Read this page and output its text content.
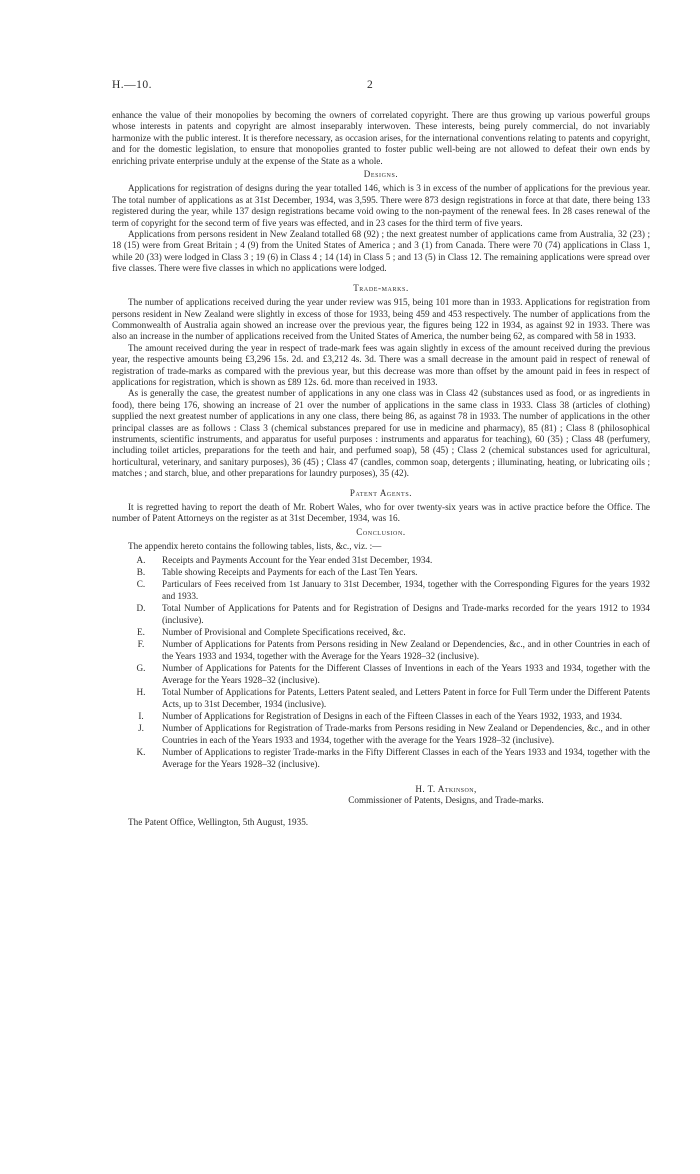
H.—10.	2

enhance the value of their monopolies by becoming the owners of correlated copyright. There are thus growing up various powerful groups whose interests in patents and copyright are almost inseparably interwoven. These interests, being purely commercial, do not invariably harmonize with the public interest. It is therefore necessary, as occasion arises, for the international conventions relating to patents and copyright, and for the domestic legislation, to ensure that monopolies granted to foster public well-being are not allowed to defeat their own ends by enriching private enterprise unduly at the expense of the State as a whole.

Designs.

Applications for registration of designs during the year totalled 146, which is 3 in excess of the number of applications for the previous year. The total number of applications as at 31st December, 1934, was 3,595. There were 873 design registrations in force at that date, there being 133 registered during the year, while 137 design registrations became void owing to the non-payment of the renewal fees. In 28 cases renewal of the term of copyright for the second term of five years was effected, and in 23 cases for the third term of five years.

Applications from persons resident in New Zealand totalled 68 (92) ; the next greatest number of applications came from Australia, 32 (23) ; 18 (15) were from Great Britain ; 4 (9) from the United States of America ; and 3 (1) from Canada. There were 70 (74) applications in Class 1, while 20 (33) were lodged in Class 3 ; 19 (6) in Class 4 ; 14 (14) in Class 5 ; and 13 (5) in Class 12. The remaining applications were spread over five classes. There were five classes in which no applications were lodged.

Trade-marks.

The number of applications received during the year under review was 915, being 101 more than in 1933. Applications for registration from persons resident in New Zealand were slightly in excess of those for 1933, being 459 and 453 respectively. The number of applications from the Commonwealth of Australia again showed an increase over the previous year, the figures being 122 in 1934, as against 92 in 1933. There was also an increase in the number of applications received from the United States of America, the number being 62, as compared with 58 in 1933.

The amount received during the year in respect of trade-mark fees was again slightly in excess of the amount received during the previous year, the respective amounts being £3,296 15s. 2d. and £3,212 4s. 3d. There was a small decrease in the amount paid in respect of renewal of registration of trade-marks as compared with the previous year, but this decrease was more than offset by the amount paid in fees in respect of applications for registration, which is shown as £89 12s. 6d. more than received in 1933.

As is generally the case, the greatest number of applications in any one class was in Class 42 (substances used as food, or as ingredients in food), there being 176, showing an increase of 21 over the number of applications in the same class in 1933. Class 38 (articles of clothing) supplied the next greatest number of applications in any one class, there being 86, as against 78 in 1933. The number of applications in the other principal classes are as follows : Class 3 (chemical substances prepared for use in medicine and pharmacy), 85 (81) ; Class 8 (philosophical instruments, scientific instruments, and apparatus for useful purposes : instruments and apparatus for teaching), 60 (35) ; Class 48 (perfumery, including toilet articles, preparations for the teeth and hair, and perfumed soap), 58 (45) ; Class 2 (chemical substances used for agricultural, horticultural, veterinary, and sanitary purposes), 36 (45) ; Class 47 (candles, common soap, detergents ; illuminating, heating, or lubricating oils ; matches ; and starch, blue, and other preparations for laundry purposes), 35 (42).

Patent Agents.

It is regretted having to report the death of Mr. Robert Wales, who for over twenty-six years was in active practice before the Office. The number of Patent Attorneys on the register as at 31st December, 1934, was 16.

Conclusion.

The appendix hereto contains the following tables, lists, &c., viz. :—

A.	Receipts and Payments Account for the Year ended 31st December, 1934.
B.	Table showing Receipts and Payments for each of the Last Ten Years.
C.	Particulars of Fees received from 1st January to 31st December, 1934, together with the Corresponding Figures for the years 1932 and 1933.
D.	Total Number of Applications for Patents and for Registration of Designs and Trade-marks recorded for the years 1912 to 1934 (inclusive).
E.	Number of Provisional and Complete Specifications received, &c.
F.	Number of Applications for Patents from Persons residing in New Zealand or Dependencies, &c., and in other Countries in each of the Years 1933 and 1934, together with the Average for the Years 1928–32 (inclusive).
G.	Number of Applications for Patents for the Different Classes of Inventions in each of the Years 1933 and 1934, together with the Average for the Years 1928–32 (inclusive).
H.	Total Number of Applications for Patents, Letters Patent sealed, and Letters Patent in force for Full Term under the Different Patents Acts, up to 31st December, 1934 (inclusive).
I.	Number of Applications for Registration of Designs in each of the Fifteen Classes in each of the Years 1932, 1933, and 1934.
J.	Number of Applications for Registration of Trade-marks from Persons residing in New Zealand or Dependencies, &c., and in other Countries in each of the Years 1933 and 1934, together with the average for the Years 1928–32 (inclusive).
K.	Number of Applications to register Trade-marks in the Fifty Different Classes in each of the Years 1933 and 1934, together with the Average for the Years 1928–32 (inclusive).
H. T. Atkinson,
Commissioner of Patents, Designs, and Trade-marks.

The Patent Office, Wellington, 5th August, 1935.
